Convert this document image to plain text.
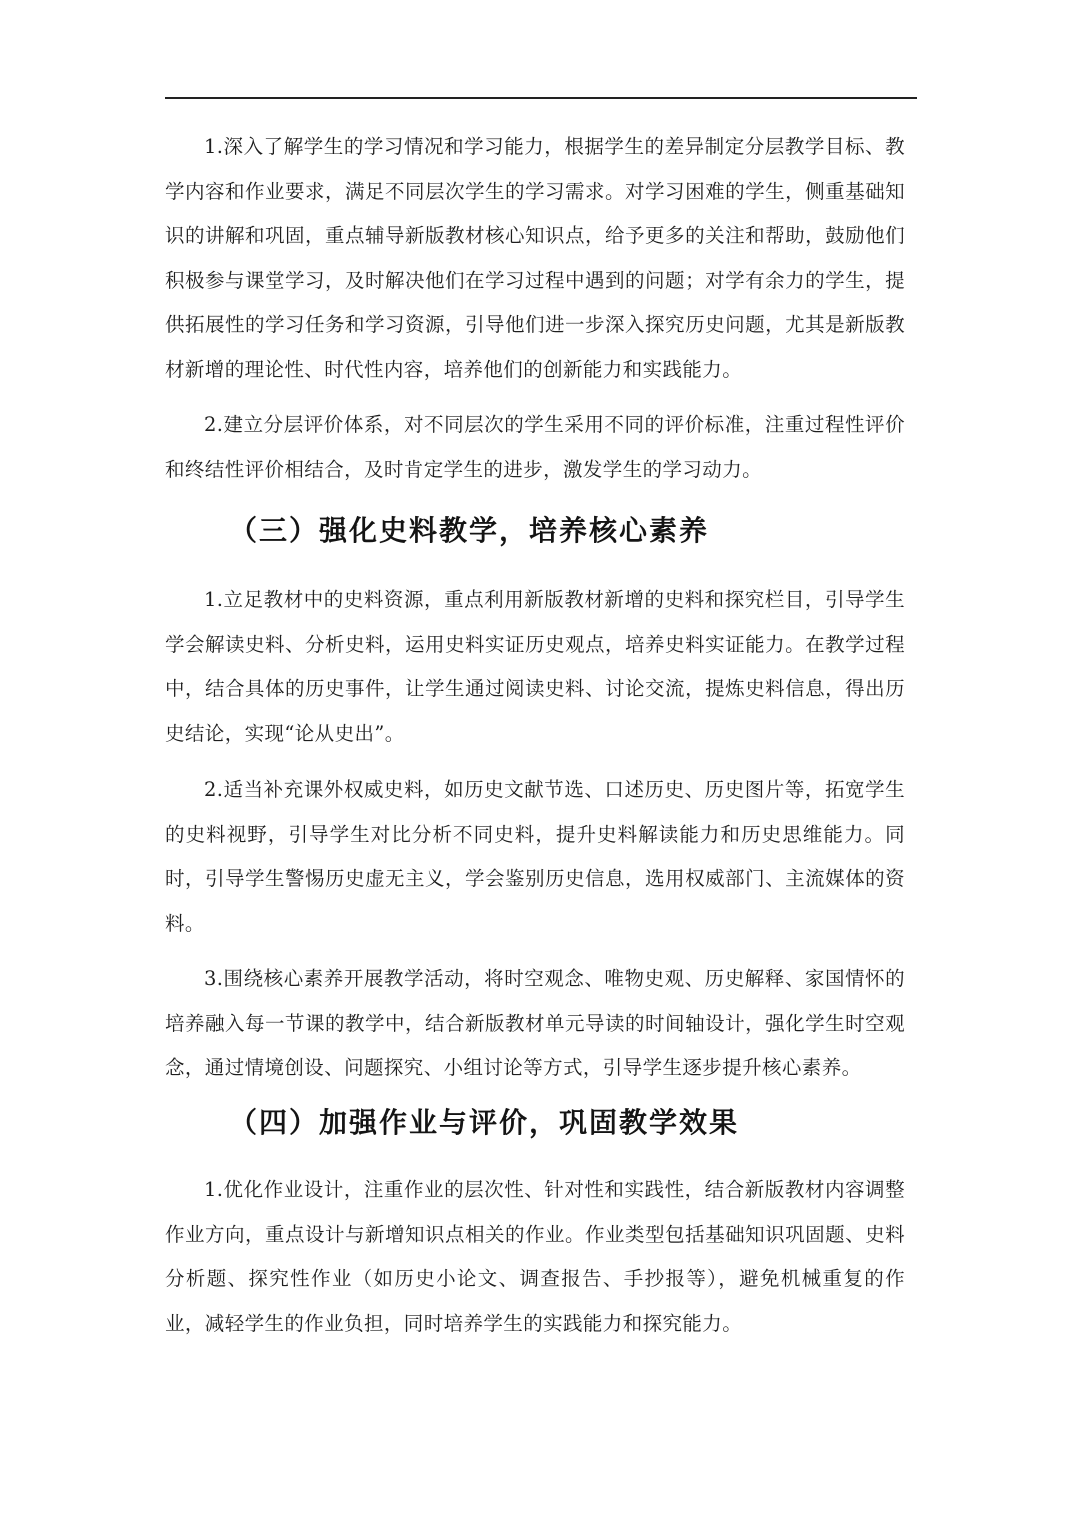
1.深入了解学生的学习情况和学习能力，根据学生的差异制定分层教学目标、教学内容和作业要求，满足不同层次学生的学习需求。对学习困难的学生，侧重基础知识的讲解和巩固，重点辅导新版教材核心知识点，给予更多的关注和帮助，鼓励他们积极参与课堂学习，及时解决他们在学习过程中遇到的问题；对学有余力的学生，提供拓展性的学习任务和学习资源，引导他们进一步深入探究历史问题，尤其是新版教材新增的理论性、时代性内容，培养他们的创新能力和实践能力。

2.建立分层评价体系，对不同层次的学生采用不同的评价标准，注重过程性评价和终结性评价相结合，及时肯定学生的进步，激发学生的学习动力。

（三）强化史料教学，培养核心素养

1.立足教材中的史料资源，重点利用新版教材新增的史料和探究栏目，引导学生学会解读史料、分析史料，运用史料实证历史观点，培养史料实证能力。在教学过程中，结合具体的历史事件，让学生通过阅读史料、讨论交流，提炼史料信息，得出历史结论，实现“论从史出”。

2.适当补充课外权威史料，如历史文献节选、口述历史、历史图片等，拓宽学生的史料视野，引导学生对比分析不同史料，提升史料解读能力和历史思维能力。同时，引导学生警惕历史虚无主义，学会鉴别历史信息，选用权威部门、主流媒体的资料。

3.围绕核心素养开展教学活动，将时空观念、唯物史观、历史解释、家国情怀的培养融入每一节课的教学中，结合新版教材单元导读的时间轴设计，强化学生时空观念，通过情境创设、问题探究、小组讨论等方式，引导学生逐步提升核心素养。

（四）加强作业与评价，巩固教学效果

1.优化作业设计，注重作业的层次性、针对性和实践性，结合新版教材内容调整作业方向，重点设计与新增知识点相关的作业。作业类型包括基础知识巩固题、史料分析题、探究性作业（如历史小论文、调查报告、手抄报等），避免机械重复的作业，减轻学生的作业负担，同时培养学生的实践能力和探究能力。
